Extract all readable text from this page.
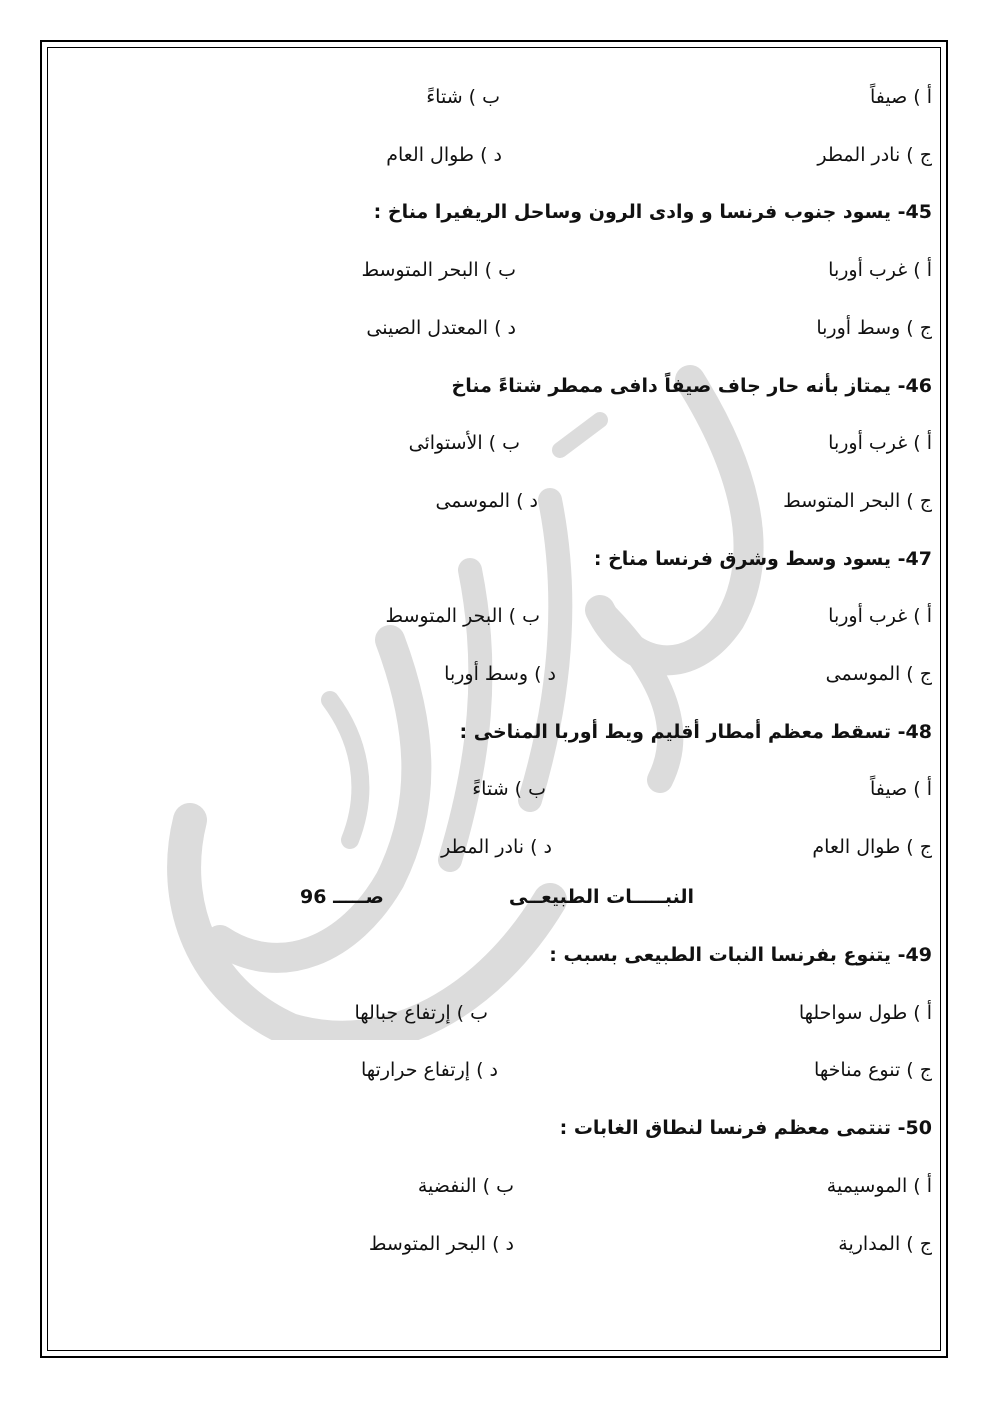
أ ) صيفاً
ب ) شتاءً
ج ) نادر المطر
د ) طوال العام
45- يسود جنوب فرنسا و وادى الرون وساحل الريفيرا مناخ :
أ ) غرب أوربا
ب ) البحر المتوسط
ج ) وسط أوربا
د ) المعتدل الصينى
46- يمتاز بأنه حار جاف صيفاً دافى ممطر شتاءً مناخ
أ ) غرب أوربا
ب ) الأستوائى
ج ) البحر المتوسط
د ) الموسمى
47- يسود وسط وشرق فرنسا مناخ :
أ ) غرب أوربا
ب ) البحر المتوسط
ج ) الموسمى
د ) وسط أوربا
48- تسقط معظم أمطار أقليم ويط أوربا المناخى :
أ ) صيفاً
ب ) شتاءً
ج ) طوال العام
د ) نادر المطر
49- يتنوع بفرنسا النبات الطبيعى بسبب :
أ ) طول سواحلها
ب ) إرتفاع جبالها
ج ) تنوع مناخها
د ) إرتفاع حرارتها
50- تنتمى معظم فرنسا لنطاق الغابات :
أ ) الموسيمية
ب ) النفضية
ج ) المدارية
د ) البحر المتوسط
النبـــــات الطبيعــى
صـــــ 96
